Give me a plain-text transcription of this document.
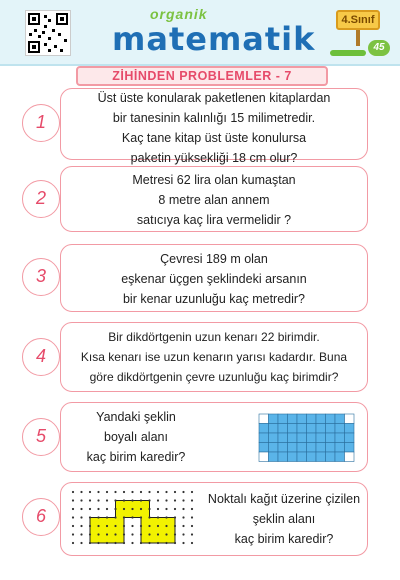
organik
matematik	4.Sınıf
45
ZİHİNDEN PROBLEMLER - 7
1
Üst üste konularak paketlenen kitaplardan
bir tanesinin kalınlığı 15 milimetredir.
Kaç tane kitap üst üste konulursa
paketin yüksekliği 18 cm olur?
2
Metresi 62 lira olan kumaştan
8 metre alan annem
satıcıya kaç lira vermelidir ?
3
Çevresi 189 m olan
eşkenar üçgen şeklindeki arsanın
bir kenar uzunluğu kaç metredir?
4
Bir dikdörtgenin uzun kenarı 22 birimdir.
Kısa kenarı ise uzun kenarın yarısı kadardır. Buna
göre dikdörtgenin çevre uzunluğu kaç birimdir?
5
Yandaki şeklin
boyalı alanı
kaç birim karedir?
6
Noktalı kağıt üzerine çizilen
şeklin alanı
kaç birim karedir?
